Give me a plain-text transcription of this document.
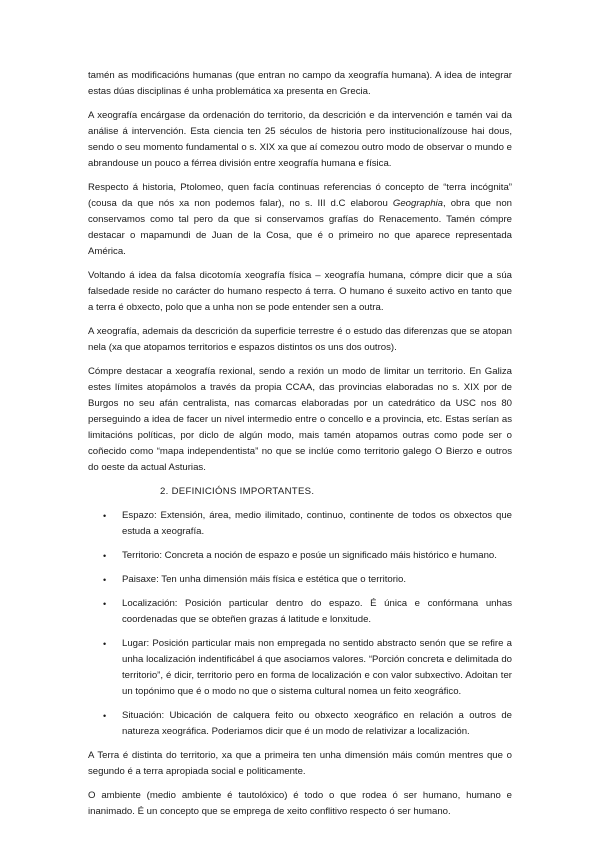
tamén as modificacións humanas (que entran no campo da xeografía humana). A idea de integrar estas dúas disciplinas é unha problemática xa presenta en Grecia.

A xeografía encárgase da ordenación do territorio, da descrición e da intervención e tamén vai da análise á intervención. Esta ciencia ten 25 séculos de historia pero institucionalízouse hai dous, sendo o seu momento fundamental o s. XIX xa que aí comezou outro modo de observar o mundo e abrandouse un pouco a férrea división entre xeografía humana e física.

Respecto á historia, Ptolomeo, quen facía continuas referencias ó concepto de “terra incógnita” (cousa da que nós xa non podemos falar), no s. III d.C elaborou Geographia, obra que non conservamos como tal pero da que si conservamos grafías do Renacemento. Tamén cómpre destacar o mapamundi de Juan de la Cosa, que é o primeiro no que aparece representada América.

Voltando á idea da falsa dicotomía xeografía física – xeografía humana, cómpre dicir que a súa falsedade reside no carácter do humano respecto á terra. O humano é suxeito activo en tanto que a terra é obxecto, polo que a unha non se pode entender sen a outra.

A xeografía, ademais da descrición da superficie terrestre é o estudo das diferenzas que se atopan nela (xa que atopamos territorios e espazos distintos os uns dos outros).

Cómpre destacar a xeografía rexional, sendo a rexión un modo de limitar un territorio. En Galiza estes límites atopámolos a través da propia CCAA, das provincias elaboradas no s. XIX por de Burgos no seu afán centralista, nas comarcas elaboradas por un catedrático da USC nos 80 perseguindo a idea de facer un nivel intermedio entre o concello e a provincia, etc. Estas serían as limitacións políticas, por diclo de algún modo, mais tamén atopamos outras como pode ser o coñecido como “mapa independentista” no que se inclúe como territorio galego O Bierzo e outros do oeste da actual Asturias.

2. DEFINICIÓNS IMPORTANTES.
• Espazo: Extensión, área, medio ilimitado, continuo, continente de todos os obxectos que estuda a xeografía.
• Territorio: Concreta a noción de espazo e posúe un significado máis histórico e humano.
• Paisaxe: Ten unha dimensión máis física e estética que o territorio.
• Localización: Posición particular dentro do espazo. É única e confórmana unhas coordenadas que se obteñen grazas á latitude e lonxitude.
• Lugar: Posición particular mais non empregada no sentido abstracto senón que se refire a unha localización indentificábel á que asociamos valores. “Porción concreta e delimitada do territorio”, é dicir, territorio pero en forma de localización e con valor subxectivo. Adoitan ter un topónimo que é o modo no que o sistema cultural nomea un feito xeográfico.
• Situación: Ubicación de calquera feito ou obxecto xeográfico en relación a outros de natureza xeográfica. Poderiamos dicir que é un modo de relativizar a localización.

A Terra é distinta do territorio, xa que a primeira ten unha dimensión máis común mentres que o segundo é a terra apropiada social e politicamente.

O ambiente (medio ambiente é tautolóxico) é todo o que rodea ó ser humano, humano e inanimado. É un concepto que se emprega de xeito conflitivo respecto ó ser humano.
